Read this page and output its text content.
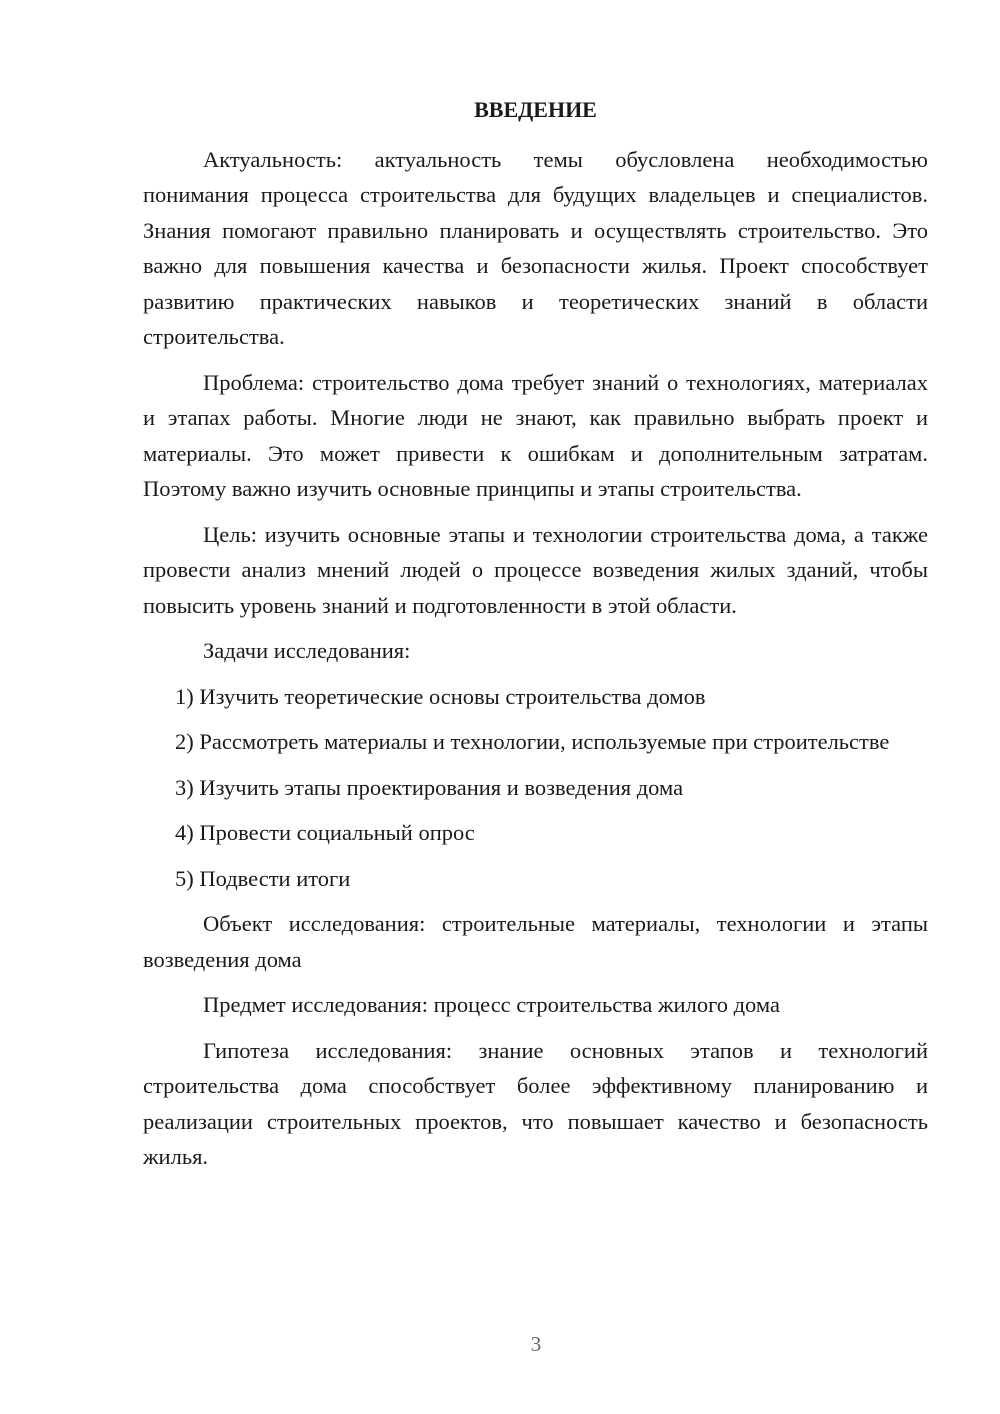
ВВЕДЕНИЕ

Актуальность: актуальность темы обусловлена необходимостью понимания процесса строительства для будущих владельцев и специалистов. Знания помогают правильно планировать и осуществлять строительство. Это важно для повышения качества и безопасности жилья. Проект способствует развитию практических навыков и теоретических знаний в области строительства.

Проблема: строительство дома требует знаний о технологиях, материалах и этапах работы. Многие люди не знают, как правильно выбрать проект и материалы. Это может привести к ошибкам и дополнительным затратам. Поэтому важно изучить основные принципы и этапы строительства.

Цель: изучить основные этапы и технологии строительства дома, а также провести анализ мнений людей о процессе возведения жилых зданий, чтобы повысить уровень знаний и подготовленности в этой области.

Задачи исследования:

1) Изучить теоретические основы строительства домов

2) Рассмотреть материалы и технологии, используемые при строительстве

3) Изучить этапы проектирования и возведения дома

4) Провести социальный опрос

5) Подвести итоги

Объект исследования: строительные материалы, технологии и этапы возведения дома

Предмет исследования: процесс строительства жилого дома

Гипотеза исследования: знание основных этапов и технологий строительства дома способствует более эффективному планированию и реализации строительных проектов, что повышает качество и безопасность жилья.

3
